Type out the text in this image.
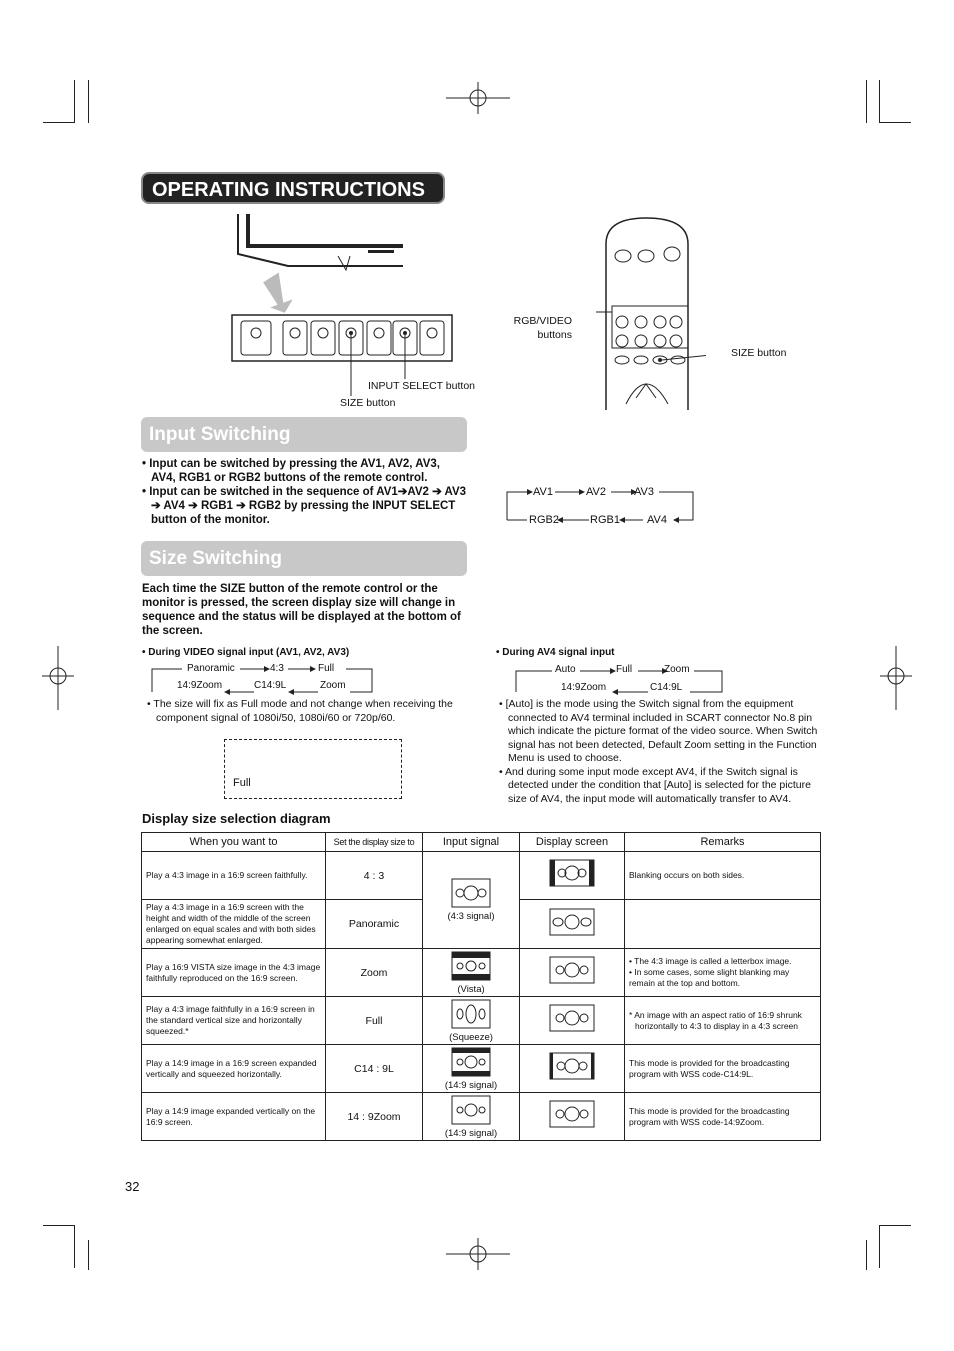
OPERATING INSTRUCTIONS
INPUT SELECT button
SIZE button
RGB/VIDEO
buttons
SIZE button
Input Switching
• Input can be switched by pressing the AV1, AV2, AV3, AV4, RGB1 or RGB2 buttons of the remote control.
• Input can be switched in the sequence of AV1➔AV2 ➔ AV3 ➔ AV4 ➔ RGB1 ➔ RGB2 by pressing the INPUT SELECT button of the monitor.
AV1	AV2	AV3
RGB2	RGB1 AV4
Size Switching
Each time the SIZE button of the remote control or the monitor is pressed, the screen display size will change in sequence and the status will be displayed at the bottom of the screen.
• During VIDEO signal input (AV1, AV2, AV3)
Panoramic	4:3	Full
14:9Zoom	C14:9L	Zoom
• The size will fix as Full mode and not change when receiving the component signal of 1080i/50, 1080i/60 or 720p/60.
Full
• During AV4 signal input
Auto	Full	Zoom
14:9Zoom	C14:9L
• [Auto] is the mode using the Switch signal from the equipment connected to AV4 terminal included in SCART connector No.8 pin which indicate the picture format of the video source. When Switch signal has not been detected, Default Zoom setting in the Function Menu is used to choose.
• And during some input mode except AV4, if the Switch signal is detected under the condition that [Auto] is selected for the picture size of AV4, the input mode will automatically transfer to AV4.
Display size selection diagram
When you want to	Set the display size to	Input signal	Display screen	Remarks
Play a 4:3 image in a 16:9 screen faithfully.	4 : 3	(4:3 signal)		Blanking occurs on both sides.
Play a 4:3 image in a 16:9 screen with the height and width of the middle of the screen enlarged on equal scales and with both sides appearing somewhat enlarged.	Panoramic		
Play a 16:9 VISTA size image in the 4:3 image faithfully reproduced on the 16:9 screen.	Zoom	(Vista)		• The 4:3 image is called a letterbox image.
• In some cases, some slight blanking may remain at the top and bottom.
Play a 4:3 image faithfully in a 16:9 screen in the standard vertical size and horizontally squeezed.*	Full	(Squeeze)		* An image with an aspect ratio of 16:9 shrunk horizontally to 4:3 to display in a 4:3 screen
Play a 14:9 image in a 16:9 screen expanded vertically and squeezed horizontally.	C14 : 9L	(14:9 signal)		This mode is provided for the broadcasting program with WSS code-C14:9L.
Play a 14:9 image expanded vertically on the 16:9 screen.	14 : 9Zoom	(14:9 signal)		This mode is provided for the broadcasting program with WSS code-14:9Zoom.
32
